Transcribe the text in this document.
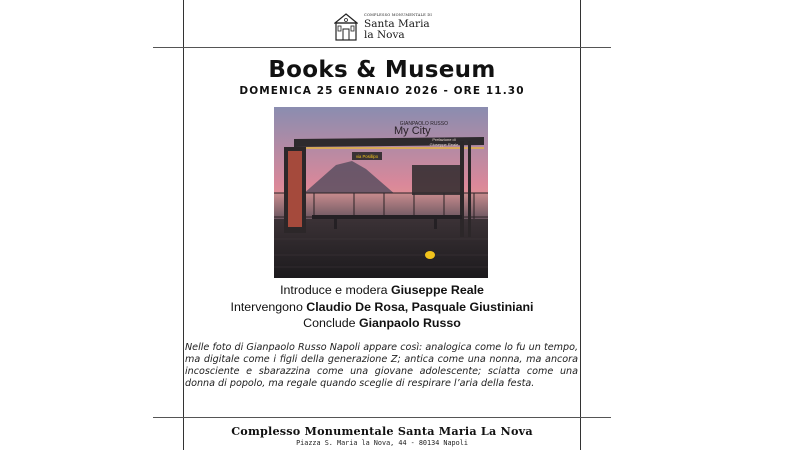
COMPLESSO MONUMENTALE DI
Santa Maria
la Nova
Books & Museum
DOMENICA 25 GENNAIO 2026 - ORE 11.30
GIANPAOLO RUSSO
My City
Prefazione di
Giuseppe Reale
via Posillipo
Introduce e modera Giuseppe Reale
Intervengono Claudio De Rosa, Pasquale Giustiniani
Conclude Gianpaolo Russo
Nelle foto di Gianpaolo Russo Napoli appare così: analogica come lo fu un tempo, ma digitale come i figli della generazione Z; antica come una nonna, ma ancora incosciente e sbarazzina come una giovane adolescente; sciatta come una donna di popolo, ma regale quando sceglie di respirare l’aria della festa.
Complesso Monumentale Santa Maria La Nova
Piazza S. Maria la Nova, 44 - 80134 Napoli
